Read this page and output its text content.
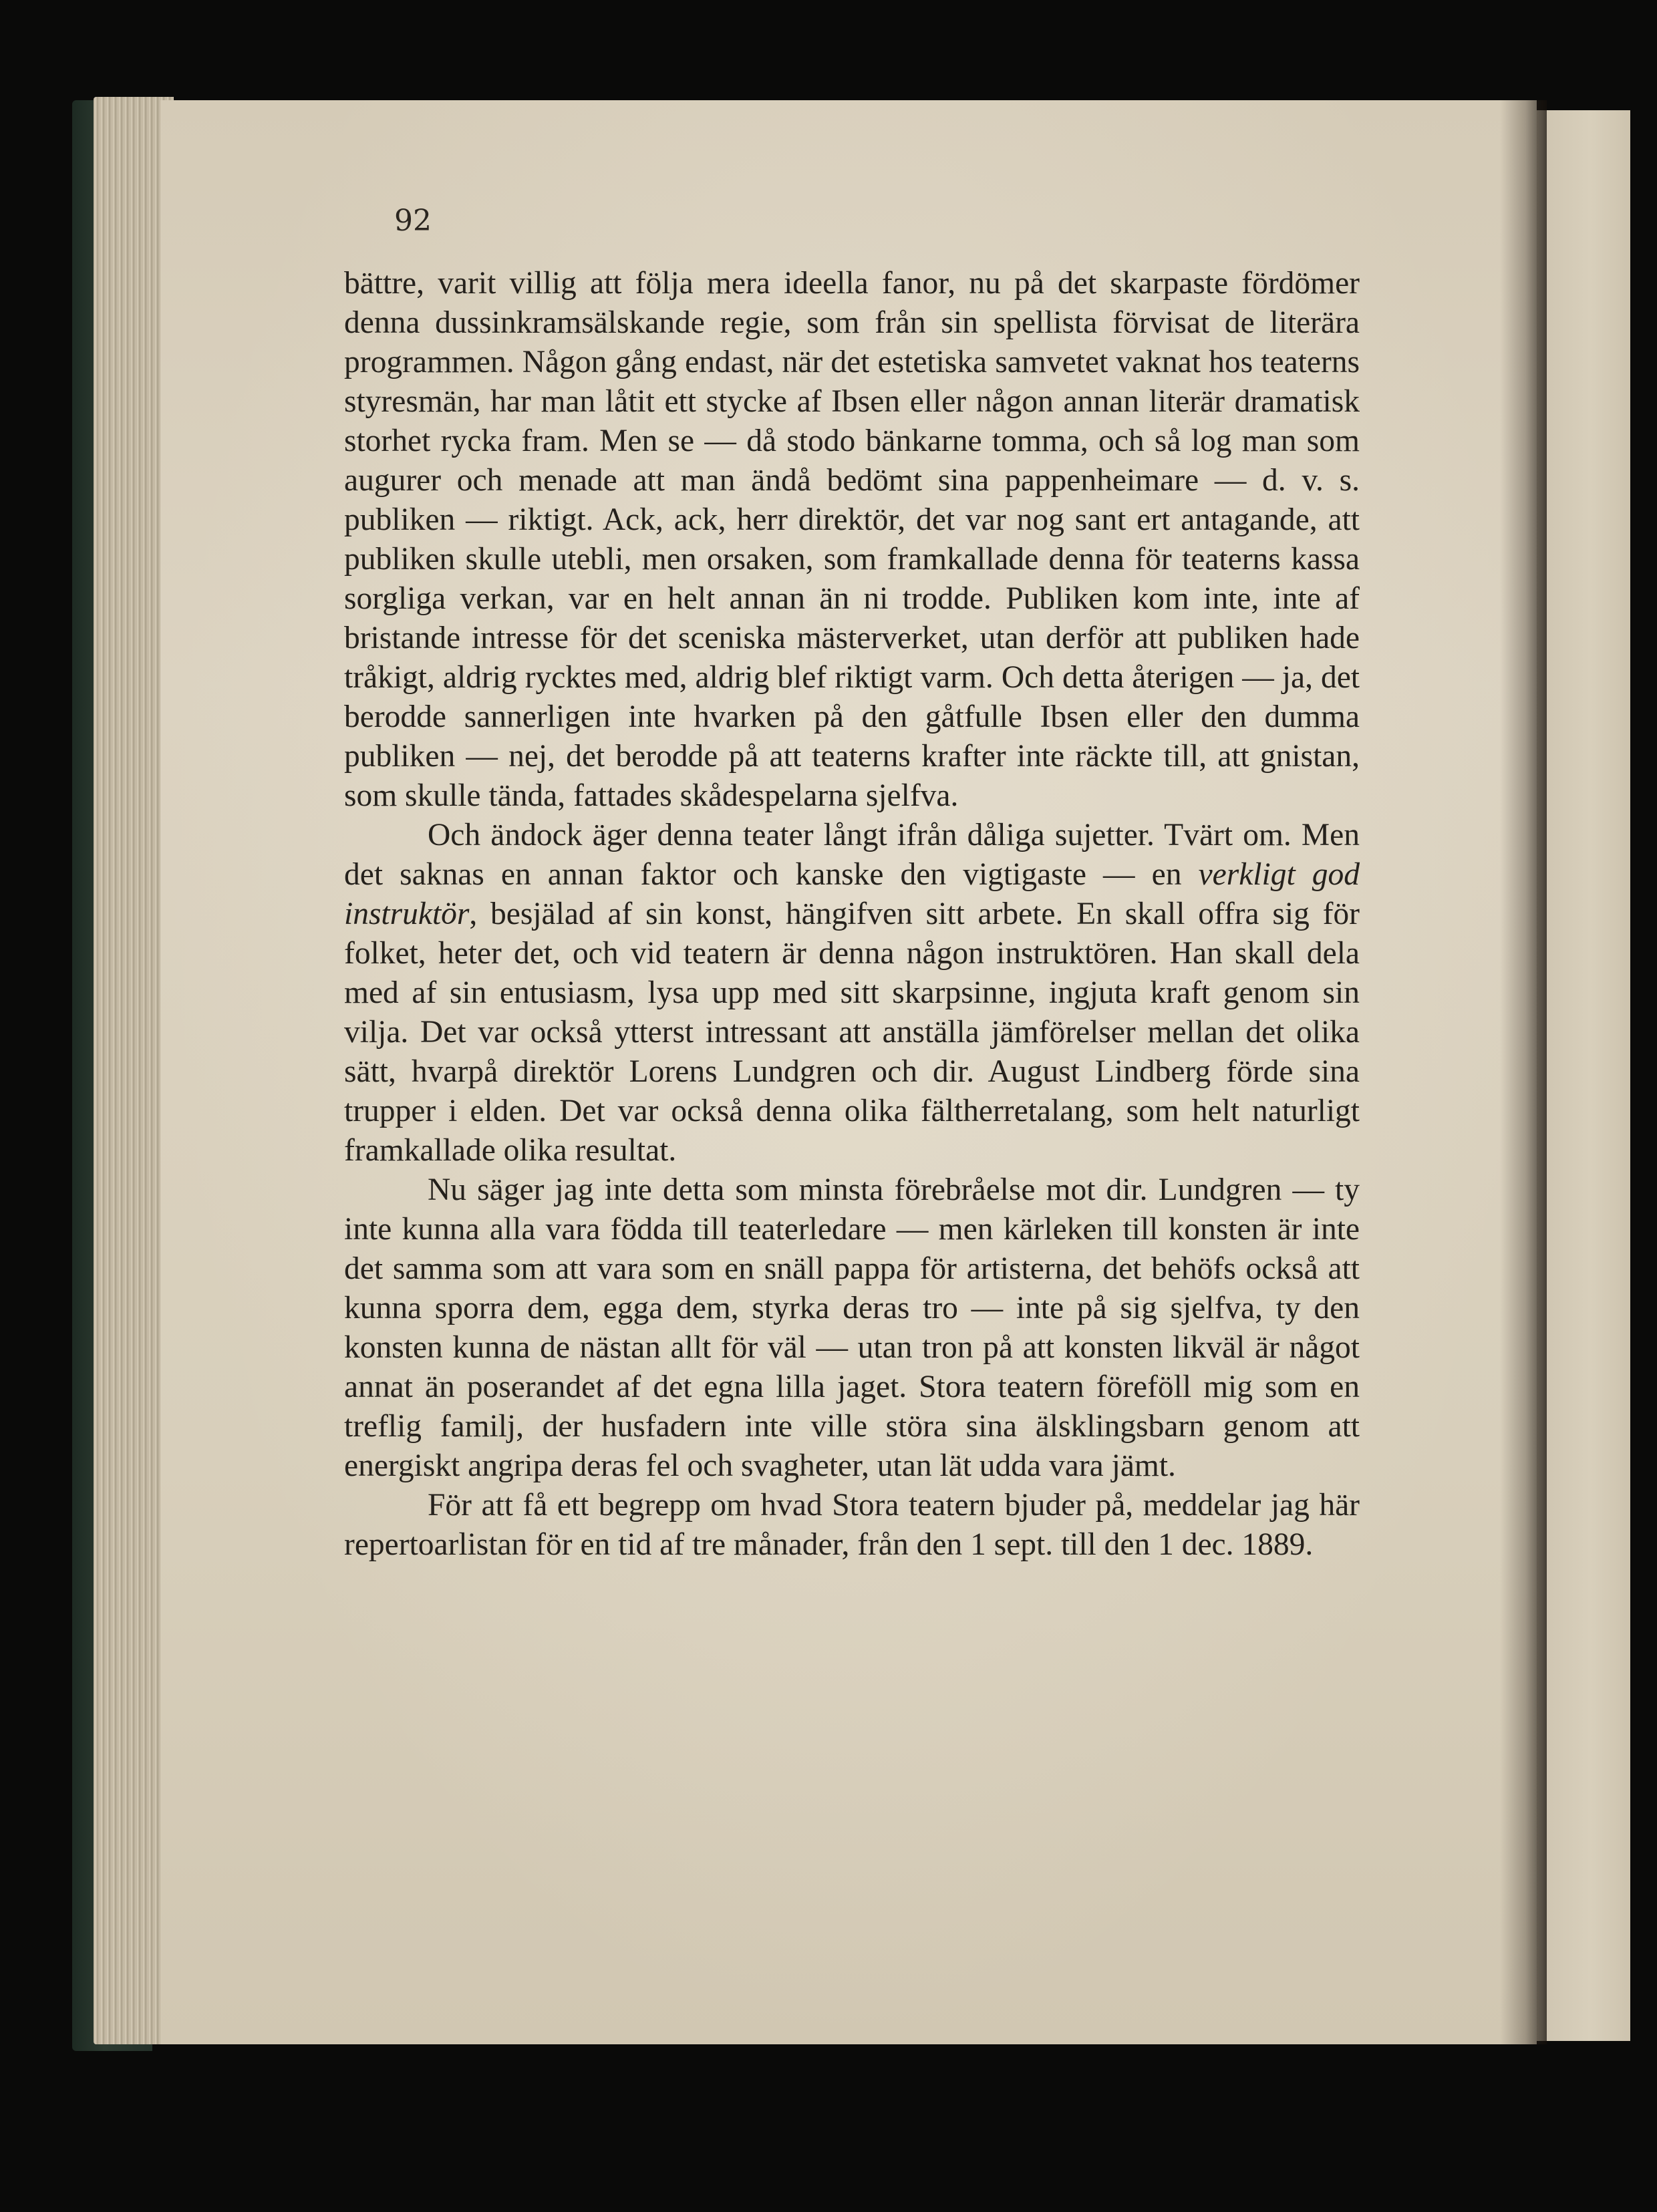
92

bättre, varit villig att följa mera ideella fanor, nu på det skarpaste fördömer denna dussinkramsälskande regie, som från sin spellista förvisat de literära programmen. Någon gång endast, när det estetiska samvetet vaknat hos teaterns styresmän, har man låtit ett stycke af Ibsen eller någon annan literär dramatisk storhet rycka fram. Men se — då stodo bänkarne tomma, och så log man som augurer och menade att man ändå bedömt sina pappenheimare — d. v. s. publiken — riktigt. Ack, ack, herr direktör, det var nog sant ert antagande, att publiken skulle utebli, men orsaken, som framkallade denna för teaterns kassa sorgliga verkan, var en helt annan än ni trodde. Publiken kom inte, inte af bristande intresse för det sceniska mästerverket, utan derför att publiken hade tråkigt, aldrig rycktes med, aldrig blef riktigt varm. Och detta återigen — ja, det berodde sannerligen inte hvarken på den gåtfulle Ibsen eller den dumma publiken — nej, det berodde på att teaterns krafter inte räckte till, att gnistan, som skulle tända, fattades skådespelarna sjelfva.

Och ändock äger denna teater långt ifrån dåliga sujetter. Tvärt om. Men det saknas en annan faktor och kanske den vigtigaste — en verkligt god instruktör, besjälad af sin konst, hängifven sitt arbete. En skall offra sig för folket, heter det, och vid teatern är denna någon instruktören. Han skall dela med af sin entusiasm, lysa upp med sitt skarpsinne, ingjuta kraft genom sin vilja. Det var också ytterst intressant att anställa jämförelser mellan det olika sätt, hvarpå direktör Lorens Lundgren och dir. August Lindberg förde sina trupper i elden. Det var också denna olika fältherretalang, som helt naturligt framkallade olika resultat.

Nu säger jag inte detta som minsta förebråelse mot dir. Lundgren — ty inte kunna alla vara födda till teaterledare — men kärleken till konsten är inte det samma som att vara som en snäll pappa för artisterna, det behöfs också att kunna sporra dem, egga dem, styrka deras tro — inte på sig sjelfva, ty den konsten kunna de nästan allt för väl — utan tron på att konsten likväl är något annat än poserandet af det egna lilla jaget. Stora teatern föreföll mig som en treflig familj, der husfadern inte ville störa sina älsklingsbarn genom att energiskt angripa deras fel och svagheter, utan lät udda vara jämt.

För att få ett begrepp om hvad Stora teatern bjuder på, meddelar jag här repertoarlistan för en tid af tre månader, från den 1 sept. till den 1 dec. 1889.
